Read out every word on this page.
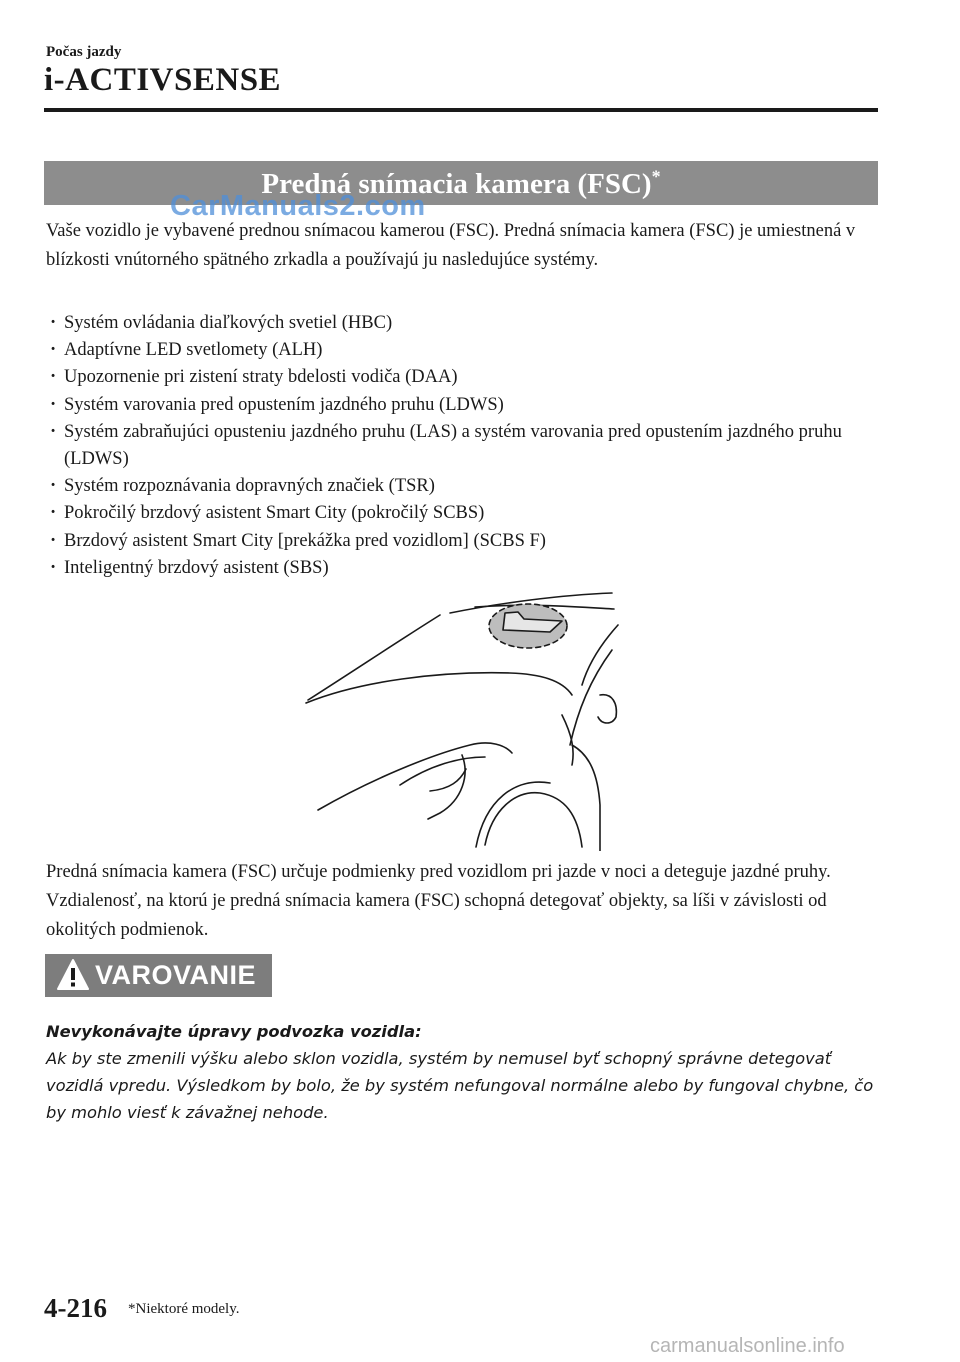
Počas jazdy
i-ACTIVSENSE
Predná snímacia kamera (FSC)*
CarManuals2.com
Vaše vozidlo je vybavené prednou snímacou kamerou (FSC). Predná snímacia kamera (FSC) je umiestnená v blízkosti vnútorného spätného zrkadla a používajú ju nasledujúce systémy.
· Systém ovládania diaľkových svetiel (HBC)
· Adaptívne LED svetlomety (ALH)
· Upozornenie pri zistení straty bdelosti vodiča (DAA)
· Systém varovania pred opustením jazdného pruhu (LDWS)
· Systém zabraňujúci opusteniu jazdného pruhu (LAS) a systém varovania pred opustením jazdného pruhu (LDWS)
· Systém rozpoznávania dopravných značiek (TSR)
· Pokročilý brzdový asistent Smart City (pokročilý SCBS)
· Brzdový asistent Smart City [prekážka pred vozidlom] (SCBS F)
· Inteligentný brzdový asistent (SBS)
Predná snímacia kamera (FSC) určuje podmienky pred vozidlom pri jazde v noci a deteguje jazdné pruhy. Vzdialenosť, na ktorú je predná snímacia kamera (FSC) schopná detegovať objekty, sa líši v závislosti od okolitých podmienok.
VAROVANIE
Nevykonávajte úpravy podvozka vozidla:
Ak by ste zmenili výšku alebo sklon vozidla, systém by nemusel byť schopný správne detegovať vozidlá vpredu. Výsledkom by bolo, že by systém nefungoval normálne alebo by fungoval chybne, čo by mohlo viesť k závažnej nehode.
4-216 *Niektoré modely.
carmanualsonline.info
